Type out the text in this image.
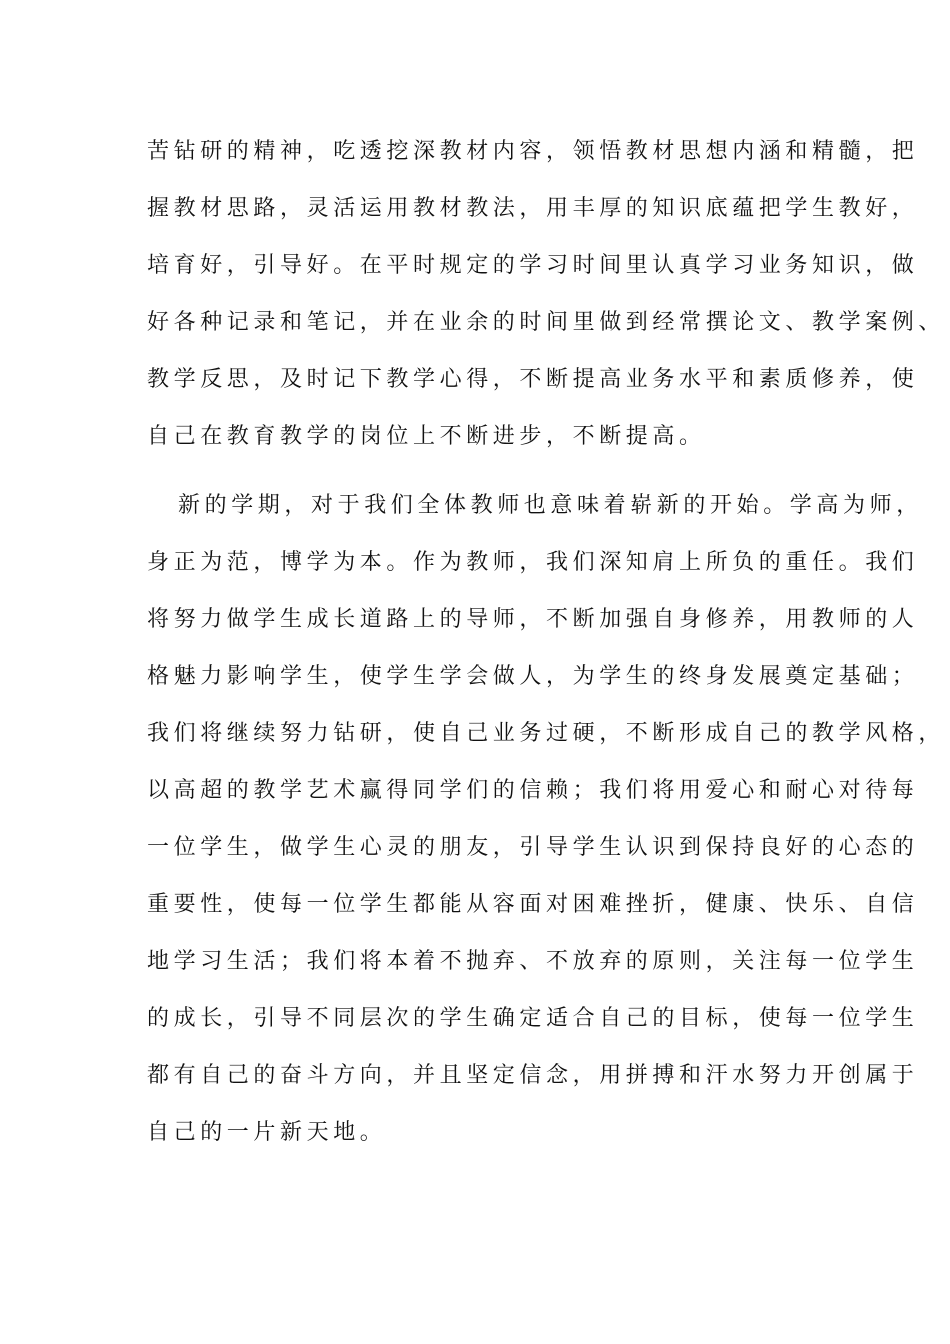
苦钻研的精神，吃透挖深教材内容，领悟教材思想内涵和精髓，把
握教材思路，灵活运用教材教法，用丰厚的知识底蕴把学生教好，
培育好，引导好。在平时规定的学习时间里认真学习业务知识，做
好各种记录和笔记，并在业余的时间里做到经常撰论文、教学案例、
教学反思，及时记下教学心得，不断提高业务水平和素质修养，使
自己在教育教学的岗位上不断进步，不断提高。
新的学期，对于我们全体教师也意味着崭新的开始。学高为师，
身正为范，博学为本。作为教师，我们深知肩上所负的重任。我们
将努力做学生成长道路上的导师，不断加强自身修养，用教师的人
格魅力影响学生，使学生学会做人，为学生的终身发展奠定基础；
我们将继续努力钻研，使自己业务过硬，不断形成自己的教学风格，
以高超的教学艺术赢得同学们的信赖；我们将用爱心和耐心对待每
一位学生，做学生心灵的朋友，引导学生认识到保持良好的心态的
重要性，使每一位学生都能从容面对困难挫折，健康、快乐、自信
地学习生活；我们将本着不抛弃、不放弃的原则，关注每一位学生
的成长，引导不同层次的学生确定适合自己的目标，使每一位学生
都有自己的奋斗方向，并且坚定信念，用拼搏和汗水努力开创属于
自己的一片新天地。
